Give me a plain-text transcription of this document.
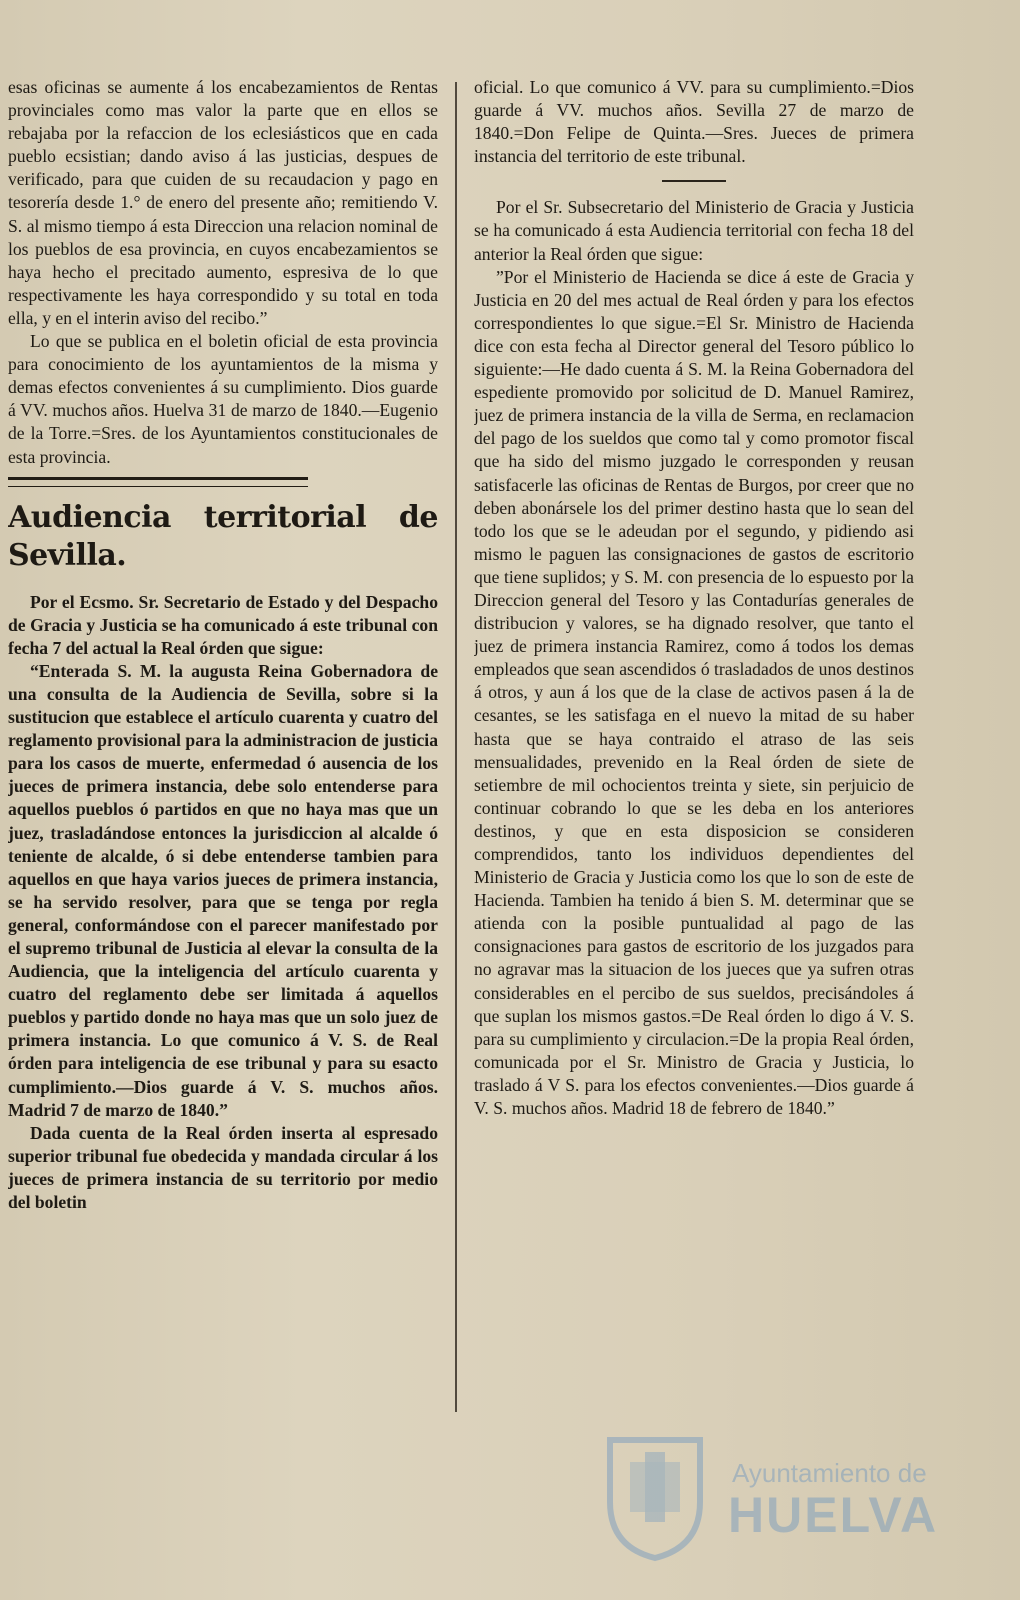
esas oficinas se aumente á los encabezamientos de Rentas provinciales como mas valor la parte que en ellos se rebajaba por la refaccion de los eclesiásticos que en cada pueblo ecsistian; dando aviso á las justicias, despues de verificado, para que cuiden de su recaudacion y pago en tesorería desde 1.° de enero del presente año; remitiendo V. S. al mismo tiempo á esta Direccion una relacion nominal de los pueblos de esa provincia, en cuyos encabezamientos se haya hecho el precitado aumento, espresiva de lo que respectivamente les haya correspondido y su total en toda ella, y en el interin aviso del recibo.”

Lo que se publica en el boletin oficial de esta provincia para conocimiento de los ayuntamientos de la misma y demas efectos convenientes á su cumplimiento. Dios guarde á VV. muchos años. Huelva 31 de marzo de 1840.—Eugenio de la Torre.=Sres. de los Ayuntamientos constitucionales de esta provincia.

Audiencia territorial de Sevilla.

Por el Ecsmo. Sr. Secretario de Estado y del Despacho de Gracia y Justicia se ha comunicado á este tribunal con fecha 7 del actual la Real órden que sigue:

“Enterada S. M. la augusta Reina Gobernadora de una consulta de la Audiencia de Sevilla, sobre si la sustitucion que establece el artículo cuarenta y cuatro del reglamento provisional para la administracion de justicia para los casos de muerte, enfermedad ó ausencia de los jueces de primera instancia, debe solo entenderse para aquellos pueblos ó partidos en que no haya mas que un juez, trasladándose entonces la jurisdiccion al alcalde ó teniente de alcalde, ó si debe entenderse tambien para aquellos en que haya varios jueces de primera instancia, se ha servido resolver, para que se tenga por regla general, conformándose con el parecer manifestado por el supremo tribunal de Justicia al elevar la consulta de la Audiencia, que la inteligencia del artículo cuarenta y cuatro del reglamento debe ser limitada á aquellos pueblos y partido donde no haya mas que un solo juez de primera instancia. Lo que comunico á V. S. de Real órden para inteligencia de ese tribunal y para su esacto cumplimiento.—Dios guarde á V. S. muchos años. Madrid 7 de marzo de 1840.”

Dada cuenta de la Real órden inserta al espresado superior tribunal fue obedecida y mandada circular á los jueces de primera instancia de su territorio por medio del boletin

oficial. Lo que comunico á VV. para su cumplimiento.=Dios guarde á VV. muchos años. Sevilla 27 de marzo de 1840.=Don Felipe de Quinta.—Sres. Jueces de primera instancia del territorio de este tribunal.

Por el Sr. Subsecretario del Ministerio de Gracia y Justicia se ha comunicado á esta Audiencia territorial con fecha 18 del anterior la Real órden que sigue:

”Por el Ministerio de Hacienda se dice á este de Gracia y Justicia en 20 del mes actual de Real órden y para los efectos correspondientes lo que sigue.=El Sr. Ministro de Hacienda dice con esta fecha al Director general del Tesoro público lo siguiente:—He dado cuenta á S. M. la Reina Gobernadora del espediente promovido por solicitud de D. Manuel Ramirez, juez de primera instancia de la villa de Serma, en reclamacion del pago de los sueldos que como tal y como promotor fiscal que ha sido del mismo juzgado le corresponden y reusan satisfacerle las oficinas de Rentas de Burgos, por creer que no deben abonársele los del primer destino hasta que lo sean del todo los que se le adeudan por el segundo, y pidiendo asi mismo le paguen las consignaciones de gastos de escritorio que tiene suplidos; y S. M. con presencia de lo espuesto por la Direccion general del Tesoro y las Contadurías generales de distribucion y valores, se ha dignado resolver, que tanto el juez de primera instancia Ramirez, como á todos los demas empleados que sean ascendidos ó trasladados de unos destinos á otros, y aun á los que de la clase de activos pasen á la de cesantes, se les satisfaga en el nuevo la mitad de su haber hasta que se haya contraido el atraso de las seis mensualidades, prevenido en la Real órden de siete de setiembre de mil ochocientos treinta y siete, sin perjuicio de continuar cobrando lo que se les deba en los anteriores destinos, y que en esta disposicion se consideren comprendidos, tanto los individuos dependientes del Ministerio de Gracia y Justicia como los que lo son de este de Hacienda. Tambien ha tenido á bien S. M. determinar que se atienda con la posible puntualidad al pago de las consignaciones para gastos de escritorio de los juzgados para no agravar mas la situacion de los jueces que ya sufren otras considerables en el percibo de sus sueldos, precisándoles á que suplan los mismos gastos.=De Real órden lo digo á V. S. para su cumplimiento y circulacion.=De la propia Real órden, comunicada por el Sr. Ministro de Gracia y Justicia, lo traslado á V S. para los efectos convenientes.—Dios guarde á V. S. muchos años. Madrid 18 de febrero de 1840.”

Ayuntamiento de
HUELVA
